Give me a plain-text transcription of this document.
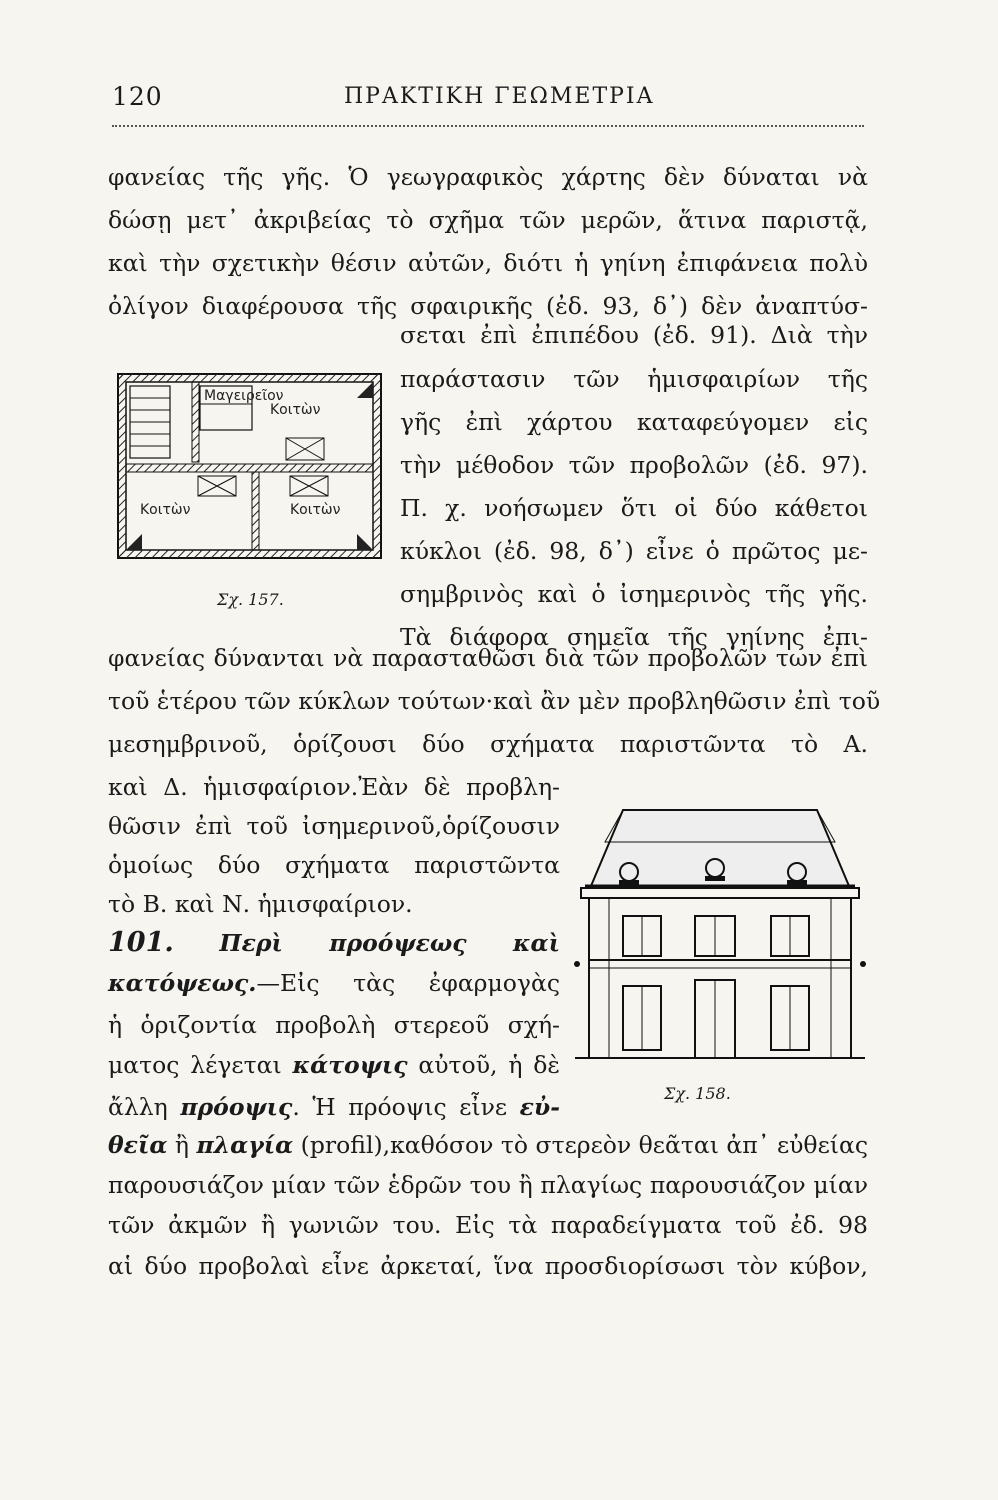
120	ΠΡΑΚΤΙΚΗ ΓΕΩΜΕΤΡΙΑ
φανείας τῆς γῆς. Ὁ γεωγραφικὸς χάρτης δὲν δύναται νὰ
δώσῃ μετ᾽ ἀκριβείας τὸ σχῆμα τῶν μερῶν, ἅτινα παριστᾷ,
καὶ τὴν σχετικὴν θέσιν αὐτῶν, διότι ἡ γηίνη ἐπιφάνεια πολὺ
ὀλίγον διαφέρουσα τῆς σφαιρικῆς (ἐδ. 93, δ᾽) δὲν ἀναπτύσ-
σεται ἐπὶ ἐπιπέδου (ἐδ. 91). Διὰ τὴν
παράστασιν τῶν ἡμισφαιρίων τῆς
γῆς ἐπὶ χάρτου καταφεύγομεν εἰς
τὴν μέθοδον τῶν προβολῶν (ἐδ. 97).
Π. χ. νοήσωμεν ὅτι οἱ δύο κάθετοι
κύκλοι (ἐδ. 98, δ᾽) εἶνε ὁ πρῶτος με-
σημβρινὸς καὶ ὁ ἰσημερινὸς τῆς γῆς.
Τὰ διάφορα σημεῖα τῆς γηίνης ἐπι-
Μαγειρεῖον
Κοιτὼν
Κοιτὼν	Κοιτὼν
Σχ. 157.
φανείας δύνανται νὰ παρασταθῶσι διὰ τῶν προβολῶν των ἐπὶ
τοῦ ἑτέρου τῶν κύκλων τούτων·καὶ ἂν μὲν προβληθῶσιν ἐπὶ τοῦ
μεσημβρινοῦ, ὁρίζουσι δύο σχήματα παριστῶντα τὸ Α.
καὶ Δ. ἡμισφαίριον.Ἐὰν δὲ προβλη-
θῶσιν ἐπὶ τοῦ ἰσημερινοῦ,ὁρίζουσιν
ὁμοίως δύο σχήματα παριστῶντα
τὸ Β. καὶ Ν. ἡμισφαίριον.
101. Περὶ προόψεως καὶ
κατόψεως.—Εἰς τὰς ἐφαρμογὰς
ἡ ὁριζοντία προβολὴ στερεοῦ σχή-
ματος λέγεται κάτοψις αὐτοῦ, ἡ δὲ
ἄλλη πρόοψις. Ἡ πρόοψις εἶνε εὐ-	Σχ. 158.
θεῖα ἢ πλαγία (profil),καθόσον τὸ στερεὸν θεᾶται ἀπ᾽ εὐθείας
παρουσιάζον μίαν τῶν ἑδρῶν του ἢ πλαγίως παρουσιάζον μίαν
τῶν ἀκμῶν ἢ γωνιῶν του. Εἰς τὰ παραδείγματα τοῦ ἐδ. 98
αἱ δύο προβολαὶ εἶνε ἀρκεταί, ἵνα προσδιορίσωσι τὸν κύβον,
